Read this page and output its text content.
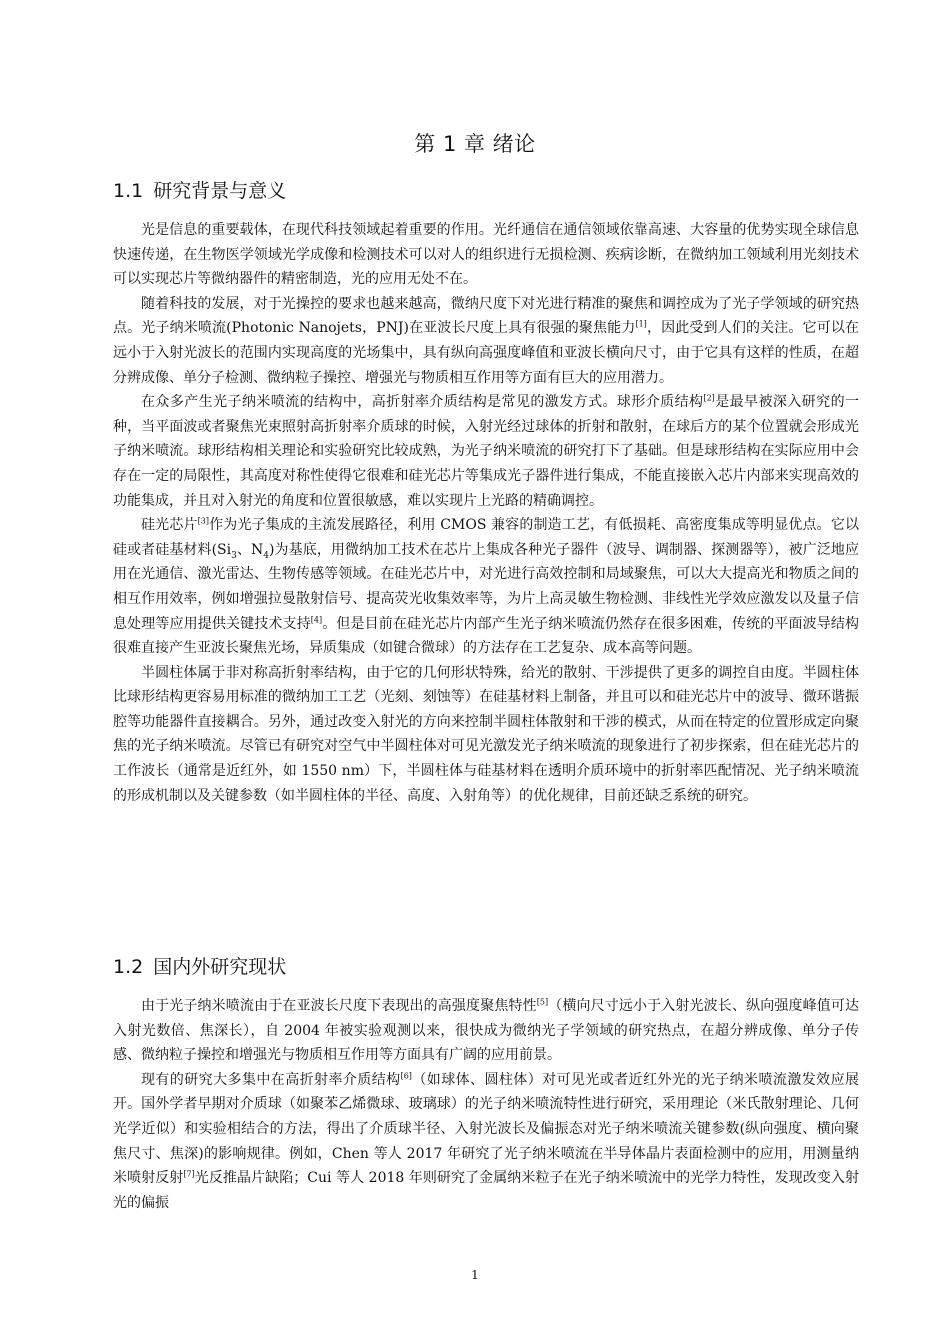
第 1 章 绪论
1.1 研究背景与意义

光是信息的重要载体，在现代科技领域起着重要的作用。光纤通信在通信领域依靠高速、大容量的优势实现全球信息快速传递，在生物医学领域光学成像和检测技术可以对人的组织进行无损检测、疾病诊断，在微纳加工领域利用光刻技术可以实现芯片等微纳器件的精密制造，光的应用无处不在。

随着科技的发展，对于光操控的要求也越来越高，微纳尺度下对光进行精准的聚焦和调控成为了光子学领域的研究热点。光子纳米喷流(Photonic Nanojets，PNJ)在亚波长尺度上具有很强的聚焦能力[1]，因此受到人们的关注。它可以在远小于入射光波长的范围内实现高度的光场集中，具有纵向高强度峰值和亚波长横向尺寸，由于它具有这样的性质，在超分辨成像、单分子检测、微纳粒子操控、增强光与物质相互作用等方面有巨大的应用潜力。

在众多产生光子纳米喷流的结构中，高折射率介质结构是常见的激发方式。球形介质结构[2]是最早被深入研究的一种，当平面波或者聚焦光束照射高折射率介质球的时候，入射光经过球体的折射和散射，在球后方的某个位置就会形成光子纳米喷流。球形结构相关理论和实验研究比较成熟，为光子纳米喷流的研究打下了基础。但是球形结构在实际应用中会存在一定的局限性，其高度对称性使得它很难和硅光芯片等集成光子器件进行集成，不能直接嵌入芯片内部来实现高效的功能集成，并且对入射光的角度和位置很敏感，难以实现片上光路的精确调控。

硅光芯片[3]作为光子集成的主流发展路径，利用 CMOS 兼容的制造工艺，有低损耗、高密度集成等明显优点。它以硅或者硅基材料($Si_3$、$N_4$)为基底，用微纳加工技术在芯片上集成各种光子器件（波导、调制器、探测器等），被广泛地应用在光通信、激光雷达、生物传感等领域。在硅光芯片中，对光进行高效控制和局域聚焦，可以大大提高光和物质之间的相互作用效率，例如增强拉曼散射信号、提高荧光收集效率等，为片上高灵敏生物检测、非线性光学效应激发以及量子信息处理等应用提供关键技术支持[4]。但是目前在硅光芯片内部产生光子纳米喷流仍然存在很多困难，传统的平面波导结构很难直接产生亚波长聚焦光场，异质集成（如键合微球）的方法存在工艺复杂、成本高等问题。

半圆柱体属于非对称高折射率结构，由于它的几何形状特殊，给光的散射、干涉提供了更多的调控自由度。半圆柱体比球形结构更容易用标准的微纳加工工艺（光刻、刻蚀等）在硅基材料上制备，并且可以和硅光芯片中的波导、微环谐振腔等功能器件直接耦合。另外，通过改变入射光的方向来控制半圆柱体散射和干涉的模式，从而在特定的位置形成定向聚焦的光子纳米喷流。尽管已有研究对空气中半圆柱体对可见光激发光子纳米喷流的现象进行了初步探索，但在硅光芯片的工作波长（通常是近红外，如 1550 nm）下，半圆柱体与硅基材料在透明介质环境中的折射率匹配情况、光子纳米喷流的形成机制以及关键参数（如半圆柱体的半径、高度、入射角等）的优化规律，目前还缺乏系统的研究。

1.2 国内外研究现状

由于光子纳米喷流由于在亚波长尺度下表现出的高强度聚焦特性[5]（横向尺寸远小于入射光波长、纵向强度峰值可达入射光数倍、焦深长），自 2004 年被实验观测以来，很快成为微纳光子学领域的研究热点，在超分辨成像、单分子传感、微纳粒子操控和增强光与物质相互作用等方面具有广阔的应用前景。

现有的研究大多集中在高折射率介质结构[6]（如球体、圆柱体）对可见光或者近红外光的光子纳米喷流激发效应展开。国外学者早期对介质球（如聚苯乙烯微球、玻璃球）的光子纳米喷流特性进行研究，采用理论（米氏散射理论、几何光学近似）和实验相结合的方法，得出了介质球半径、入射光波长及偏振态对光子纳米喷流关键参数(纵向强度、横向聚焦尺寸、焦深)的影响规律。例如，Chen 等人 2017 年研究了光子纳米喷流在半导体晶片表面检测中的应用，用测量纳米喷射反射[7]光反推晶片缺陷；Cui 等人 2018 年则研究了金属纳米粒子在光子纳米喷流中的光学力特性，发现改变入射光的偏振

1
